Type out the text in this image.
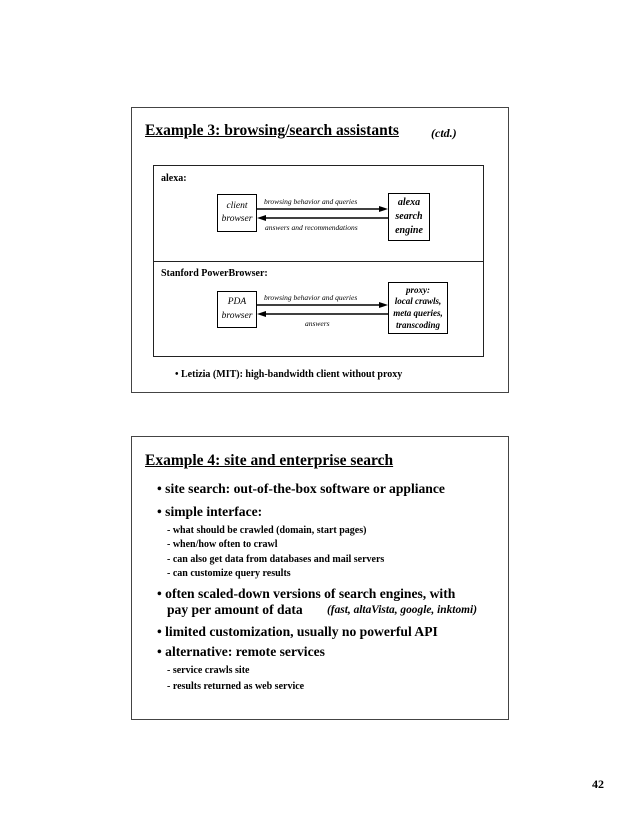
Example 3: browsing/search assistants	(ctd.)
alexa:
client
browser
alexa
search
engine
browsing behavior and queries
answers and recommendations
Stanford PowerBrowser:
PDA
browser
proxy:
local crawls,
meta queries,
transcoding
browsing behavior and queries
answers
• Letizia (MIT): high-bandwidth client without proxy
Example 4: site and enterprise search
• site search: out-of-the-box software or appliance
• simple interface:
- what should be crawled (domain, start pages)
- when/how often to crawl
- can also get data from databases and mail servers
- can customize query results
• often scaled-down versions of search engines, with
pay per amount of data (fast, altaVista, google, inktomi)
• limited customization, usually no powerful API
• alternative: remote services
- service crawls site
- results returned as web service
42
